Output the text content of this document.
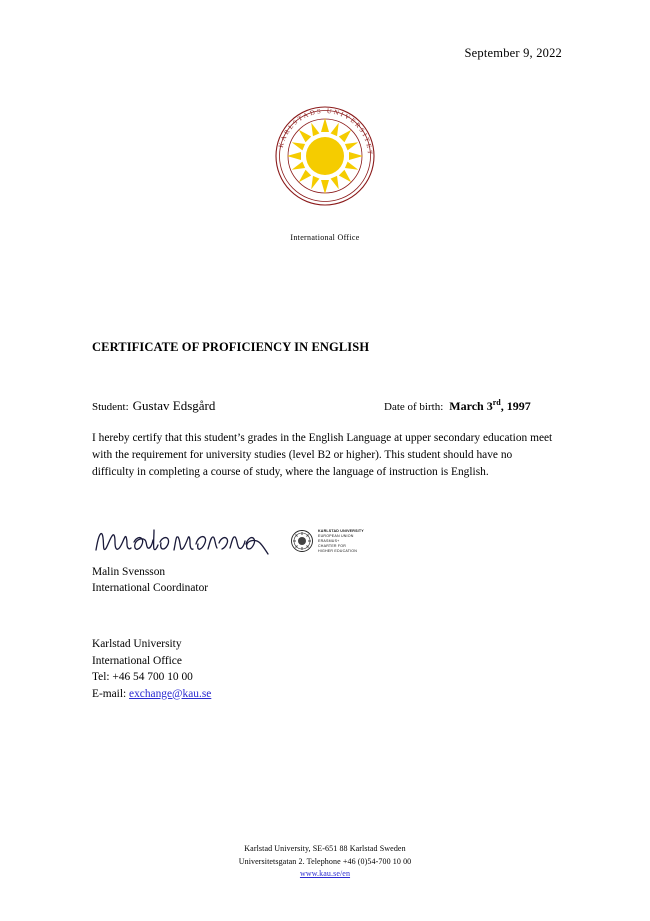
September 9, 2022
KARLSTADS UNIVERSITET
International Office
CERTIFICATE OF PROFICIENCY IN ENGLISH
Student: Gustav Edsgård	Date of birth: March 3rd, 1997
I hereby certify that this student’s grades in the English Language at upper secondary education meet with the requirement for university studies (level B2 or higher). This student should have no difficulty in completing a course of study, where the language of instruction is English.
Malin Svensson
International Coordinator
KARLSTAD UNIVERSITY
EUROPEAN UNION
ERASMUS+
CHARTER FOR
HIGHER EDUCATION
Karlstad University
International Office
Tel: +46 54 700 10 00
E-mail: exchange@kau.se
Karlstad University, SE-651 88 Karlstad Sweden
Universitetsgatan 2. Telephone +46 (0)54-700 10 00
www.kau.se/en
